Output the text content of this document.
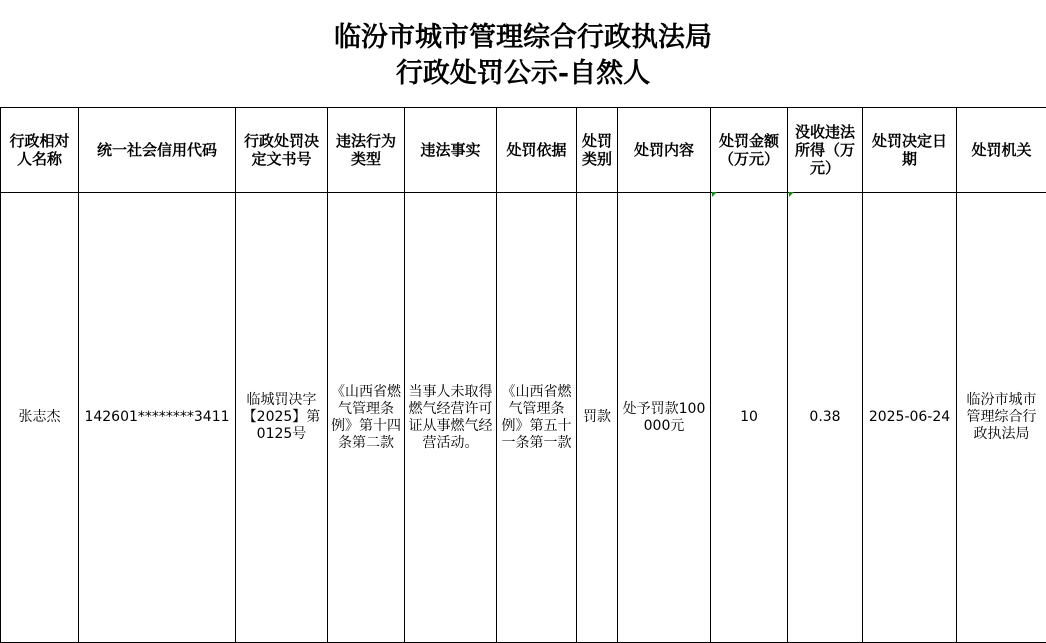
临汾市城市管理综合行政执法局
行政处罚公示-自然人
行政相对人名称	统一社会信用代码	行政处罚决定文书号	违法行为类型	违法事实	处罚依据	处罚类别	处罚内容	处罚金额（万元）	没收违法所得（万元）	处罚决定日期	处罚机关
张志杰	142601********3411	临城罚决字【2025】第0125号	《山西省燃气管理条例》第十四条第二款	当事人未取得燃气经营许可证从事燃气经营活动。	《山西省燃气管理条例》第五十一条第一款	罚款	处予罚款100000元	10	0.38	2025-06-24	临汾市城市管理综合行政执法局
